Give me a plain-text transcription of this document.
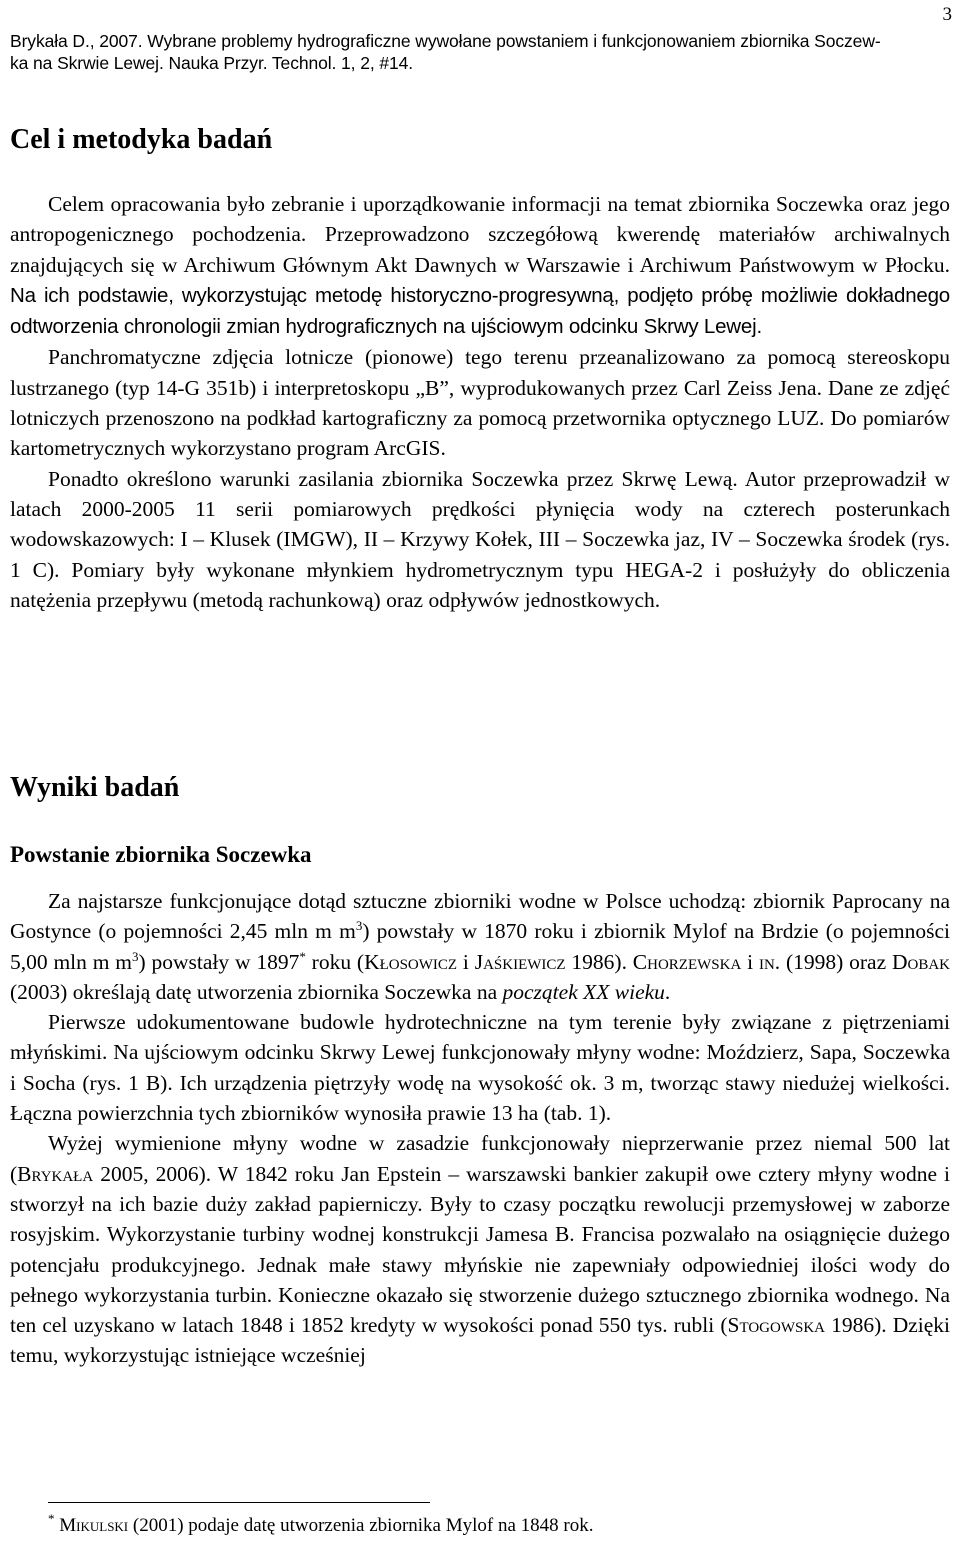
3
Brykała D., 2007. Wybrane problemy hydrograficzne wywołane powstaniem i funkcjonowaniem zbiornika Soczew-
ka na Skrwie Lewej. Nauka Przyr. Technol. 1, 2, #14.
Cel i metodyka badań

Celem opracowania było zebranie i uporządkowanie informacji na temat zbiornika Soczewka oraz jego antropogenicznego pochodzenia. Przeprowadzono szczegółową kwerendę materiałów archiwalnych znajdujących się w Archiwum Głównym Akt Dawnych w Warszawie i Archiwum Państwowym w Płocku. Na ich podstawie, wykorzystując metodę historyczno-progresywną, podjęto próbę możliwie dokładnego odtworzenia chronologii zmian hydrograficznych na ujściowym odcinku Skrwy Lewej.

Panchromatyczne zdjęcia lotnicze (pionowe) tego terenu przeanalizowano za pomocą stereoskopu lustrzanego (typ 14-G 351b) i interpretoskopu „B”, wyprodukowanych przez Carl Zeiss Jena. Dane ze zdjęć lotniczych przenoszono na podkład kartograficzny za pomocą przetwornika optycznego LUZ. Do pomiarów kartometrycznych wykorzystano program ArcGIS.

Ponadto określono warunki zasilania zbiornika Soczewka przez Skrwę Lewą. Autor przeprowadził w latach 2000-2005 11 serii pomiarowych prędkości płynięcia wody na czterech posterunkach wodowskazowych: I – Klusek (IMGW), II – Krzywy Kołek, III – Soczewka jaz, IV – Soczewka środek (rys. 1 C). Pomiary były wykonane młynkiem hydrometrycznym typu HEGA-2 i posłużyły do obliczenia natężenia przepływu (metodą rachunkową) oraz odpływów jednostkowych.

Wyniki badań
Powstanie zbiornika Soczewka

Za najstarsze funkcjonujące dotąd sztuczne zbiorniki wodne w Polsce uchodzą: zbiornik Paprocany na Gostynce (o pojemności 2,45 mln m $m^3$) powstały w 1870 roku i zbiornik Mylof na Brdzie (o pojemności 5,00 mln m $m^3$) powstały w 1897* roku (Kłosowicz i Jaśkiewicz 1986). Chorzewska i in. (1998) oraz Dobak (2003) określają datę utworzenia zbiornika Soczewka na początek XX wieku.

Pierwsze udokumentowane budowle hydrotechniczne na tym terenie były związane z piętrzeniami młyńskimi. Na ujściowym odcinku Skrwy Lewej funkcjonowały młyny wodne: Moździerz, Sapa, Soczewka i Socha (rys. 1 B). Ich urządzenia piętrzyły wodę na wysokość ok. 3 m, tworząc stawy niedużej wielkości. Łączna powierzchnia tych zbiorników wynosiła prawie 13 ha (tab. 1).

Wyżej wymienione młyny wodne w zasadzie funkcjonowały nieprzerwanie przez niemal 500 lat (Brykała 2005, 2006). W 1842 roku Jan Epstein – warszawski bankier zakupił owe cztery młyny wodne i stworzył na ich bazie duży zakład papierniczy. Były to czasy początku rewolucji przemysłowej w zaborze rosyjskim. Wykorzystanie turbiny wodnej konstrukcji Jamesa B. Francisa pozwalało na osiągnięcie dużego potencjału produkcyjnego. Jednak małe stawy młyńskie nie zapewniały odpowiedniej ilości wody do pełnego wykorzystania turbin. Konieczne okazało się stworzenie dużego sztucznego zbiornika wodnego. Na ten cel uzyskano w latach 1848 i 1852 kredyty w wysokości ponad 550 tys. rubli (Stogowska 1986). Dzięki temu, wykorzystując istniejące wcześniej

* Mikulski (2001) podaje datę utworzenia zbiornika Mylof na 1848 rok.
